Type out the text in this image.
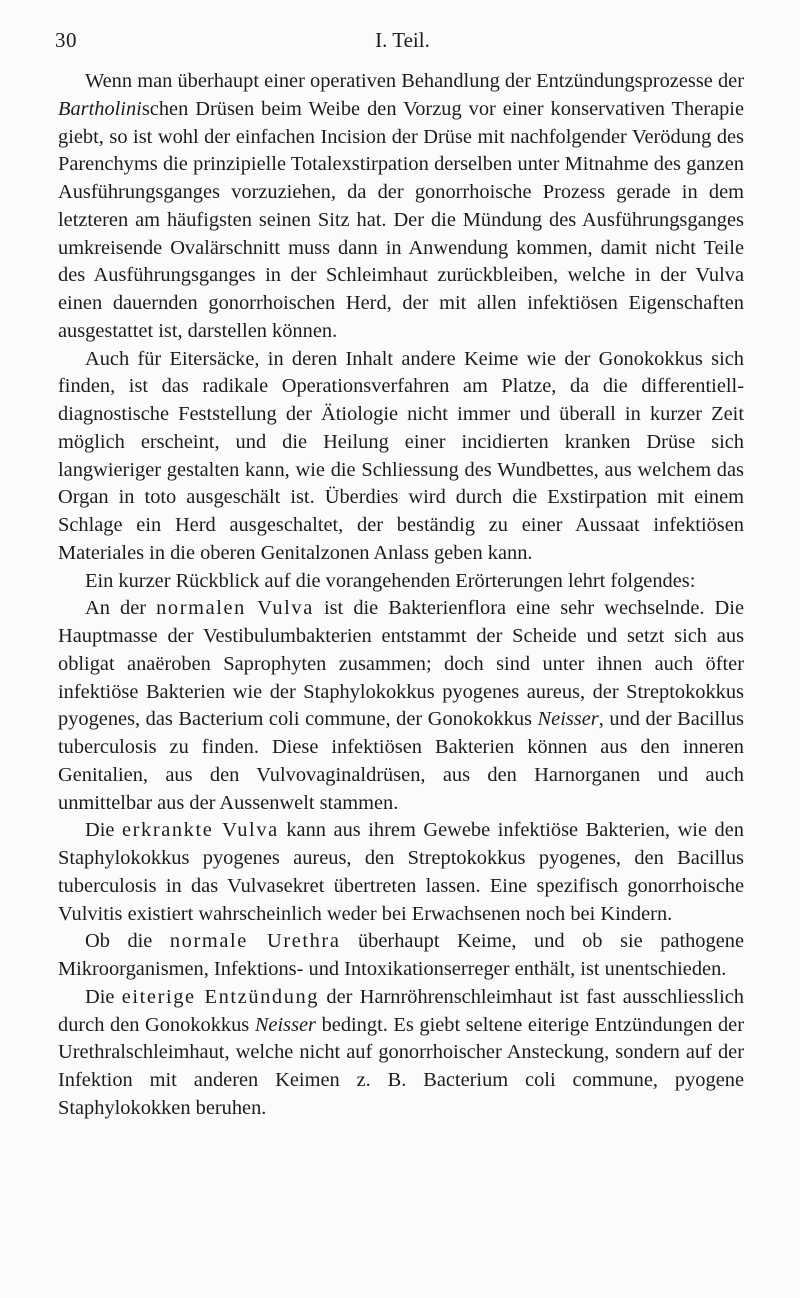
30	I. Teil.

Wenn man überhaupt einer operativen Behandlung der Entzündungsprozesse der Bartholinischen Drüsen beim Weibe den Vorzug vor einer konservativen Therapie giebt, so ist wohl der einfachen Incision der Drüse mit nachfolgender Verödung des Parenchyms die prinzipielle Totalexstirpation derselben unter Mitnahme des ganzen Ausführungsganges vorzuziehen, da der gonorrhoische Prozess gerade in dem letzteren am häufigsten seinen Sitz hat. Der die Mündung des Ausführungsganges umkreisende Ovalärschnitt muss dann in Anwendung kommen, damit nicht Teile des Ausführungsganges in der Schleimhaut zurückbleiben, welche in der Vulva einen dauernden gonorrhoischen Herd, der mit allen infektiösen Eigenschaften ausgestattet ist, darstellen können.

Auch für Eitersäcke, in deren Inhalt andere Keime wie der Gonokokkus sich finden, ist das radikale Operationsverfahren am Platze, da die differentiell-diagnostische Feststellung der Ätiologie nicht immer und überall in kurzer Zeit möglich erscheint, und die Heilung einer incidierten kranken Drüse sich langwieriger gestalten kann, wie die Schliessung des Wundbettes, aus welchem das Organ in toto ausgeschält ist. Überdies wird durch die Exstirpation mit einem Schlage ein Herd ausgeschaltet, der beständig zu einer Aussaat infektiösen Materiales in die oberen Genitalzonen Anlass geben kann.

Ein kurzer Rückblick auf die vorangehenden Erörterungen lehrt folgendes:

An der normalen Vulva ist die Bakterienflora eine sehr wechselnde. Die Hauptmasse der Vestibulumbakterien entstammt der Scheide und setzt sich aus obligat anaëroben Saprophyten zusammen; doch sind unter ihnen auch öfter infektiöse Bakterien wie der Staphylokokkus pyogenes aureus, der Streptokokkus pyogenes, das Bacterium coli commune, der Gonokokkus Neisser, und der Bacillus tuberculosis zu finden. Diese infektiösen Bakterien können aus den inneren Genitalien, aus den Vulvovaginaldrüsen, aus den Harnorganen und auch unmittelbar aus der Aussenwelt stammen.

Die erkrankte Vulva kann aus ihrem Gewebe infektiöse Bakterien, wie den Staphylokokkus pyogenes aureus, den Streptokokkus pyogenes, den Bacillus tuberculosis in das Vulvasekret übertreten lassen. Eine spezifisch gonorrhoische Vulvitis existiert wahrscheinlich weder bei Erwachsenen noch bei Kindern.

Ob die normale Urethra überhaupt Keime, und ob sie pathogene Mikroorganismen, Infektions- und Intoxikationserreger enthält, ist unentschieden.

Die eiterige Entzündung der Harnröhrenschleimhaut ist fast ausschliesslich durch den Gonokokkus Neisser bedingt. Es giebt seltene eiterige Entzündungen der Urethralschleimhaut, welche nicht auf gonorrhoischer Ansteckung, sondern auf der Infektion mit anderen Keimen z. B. Bacterium coli commune, pyogene Staphylokokken beruhen.
